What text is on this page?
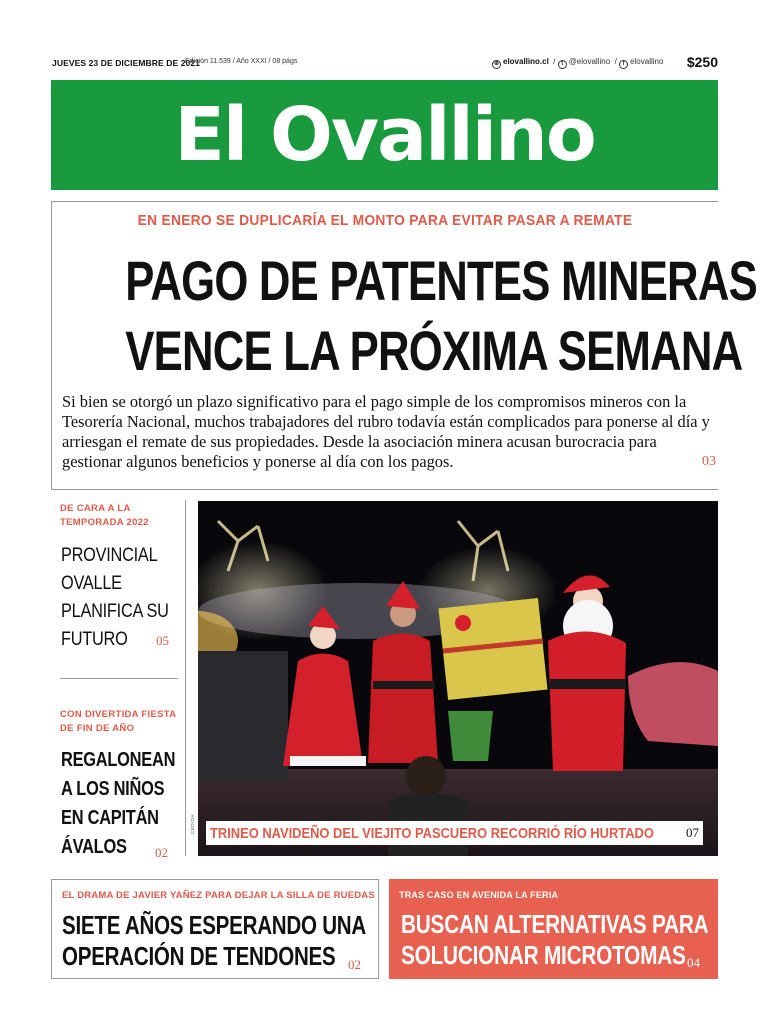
JUEVES 23 DE DICIEMBRE DE 2021
Edición 11.539 / Año XXXI / 08 págs	⊕ elovallino.cl  / t @elovallino  / f elovallino $250
El Ovallino
EN ENERO SE DUPLICARÍA EL MONTO PARA EVITAR PASAR A REMATE
PAGO DE PATENTES MINERAS
VENCE LA PRÓXIMA SEMANA
Si bien se otorgó un plazo significativo para el pago simple de los compromisos mineros con la Tesorería Nacional, muchos trabajadores del rubro todavía están complicados para ponerse al día y arriesgan el remate de sus propiedades. Desde la asociación minera acusan burocracia para gestionar algunos beneficios y ponerse al día con los pagos.	03
DE CARA A LA
TEMPORADA 2022
PROVINCIAL
OVALLE
PLANIFICA SU
FUTURO	05
CON DIVERTIDA FIESTA
DE FIN DE AÑO
REGALONEAN
A LOS NIÑOS
EN CAPITÁN
ÁVALOS	02
CEDIDA TRINEO NAVIDEÑO DEL VIEJITO PASCUERO RECORRIÓ RÍO HURTADO 07
EL DRAMA DE JAVIER YAÑEZ PARA DEJAR LA SILLA DE RUEDAS
SIETE AÑOS ESPERANDO UNA
OPERACIÓN DE TENDONES 02
TRAS CASO EN AVENIDA LA FERIA
BUSCAN ALTERNATIVAS PARA
SOLUCIONAR MICROTOMAS 04
